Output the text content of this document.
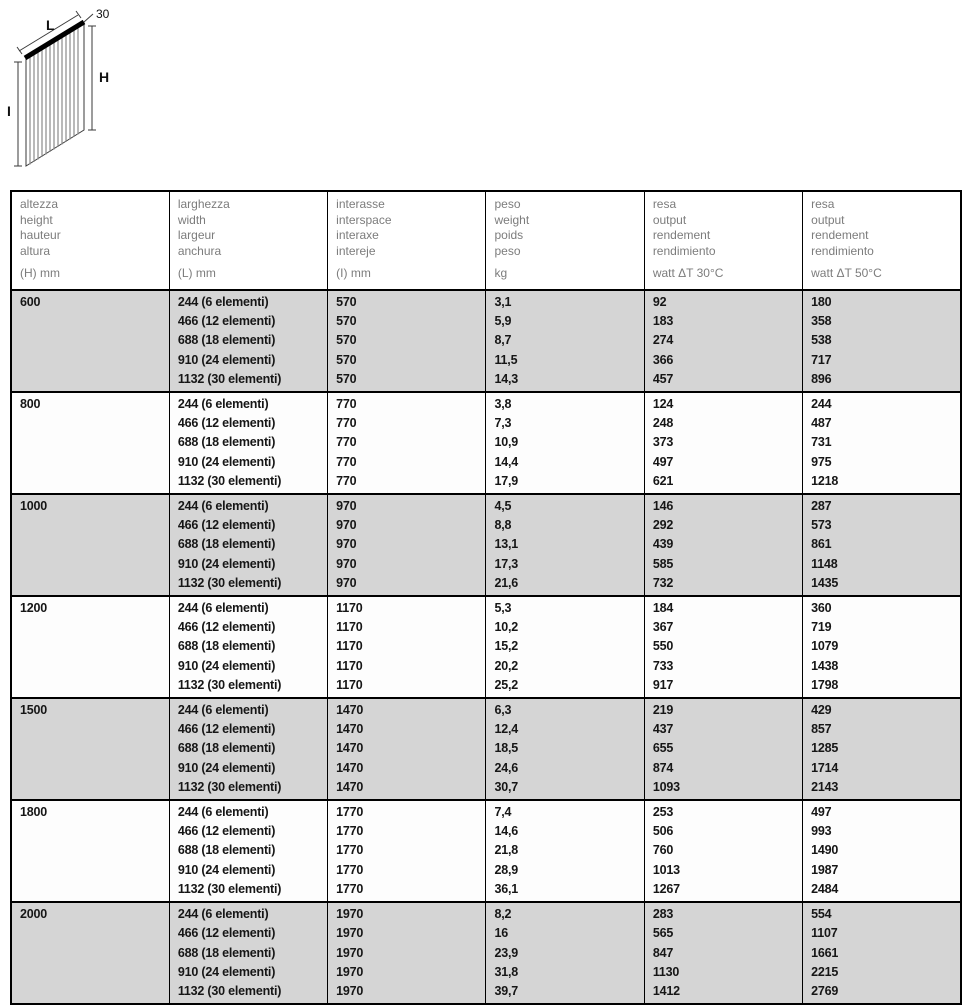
L
30
H
I
altezza
height
hauteur
altura
(H) mm

larghezza
width
largeur
anchura
(L) mm

interasse
interspace
interaxe
intereje
(I) mm

peso
weight
poids
peso
kg

resa
output
rendement
rendimiento
watt ΔT 30°C

resa
output
rendement
rendimiento
watt ΔT 50°C

600	244 (6 elementi)	570	3,1	92	180
	466 (12 elementi)	570	5,9	183	358
	688 (18 elementi)	570	8,7	274	538
	910 (24 elementi)	570	11,5	366	717
	1132 (30 elementi)	570	14,3	457	896
800	244 (6 elementi)	770	3,8	124	244
	466 (12 elementi)	770	7,3	248	487
	688 (18 elementi)	770	10,9	373	731
	910 (24 elementi)	770	14,4	497	975
	1132 (30 elementi)	770	17,9	621	1218
1000	244 (6 elementi)	970	4,5	146	287
	466 (12 elementi)	970	8,8	292	573
	688 (18 elementi)	970	13,1	439	861
	910 (24 elementi)	970	17,3	585	1148
	1132 (30 elementi)	970	21,6	732	1435
1200	244 (6 elementi)	1170	5,3	184	360
	466 (12 elementi)	1170	10,2	367	719
	688 (18 elementi)	1170	15,2	550	1079
	910 (24 elementi)	1170	20,2	733	1438
	1132 (30 elementi)	1170	25,2	917	1798
1500	244 (6 elementi)	1470	6,3	219	429
	466 (12 elementi)	1470	12,4	437	857
	688 (18 elementi)	1470	18,5	655	1285
	910 (24 elementi)	1470	24,6	874	1714
	1132 (30 elementi)	1470	30,7	1093	2143
1800	244 (6 elementi)	1770	7,4	253	497
	466 (12 elementi)	1770	14,6	506	993
	688 (18 elementi)	1770	21,8	760	1490
	910 (24 elementi)	1770	28,9	1013	1987
	1132 (30 elementi)	1770	36,1	1267	2484
2000	244 (6 elementi)	1970	8,2	283	554
	466 (12 elementi)	1970	16	565	1107
	688 (18 elementi)	1970	23,9	847	1661
	910 (24 elementi)	1970	31,8	1130	2215
	1132 (30 elementi)	1970	39,7	1412	2769
